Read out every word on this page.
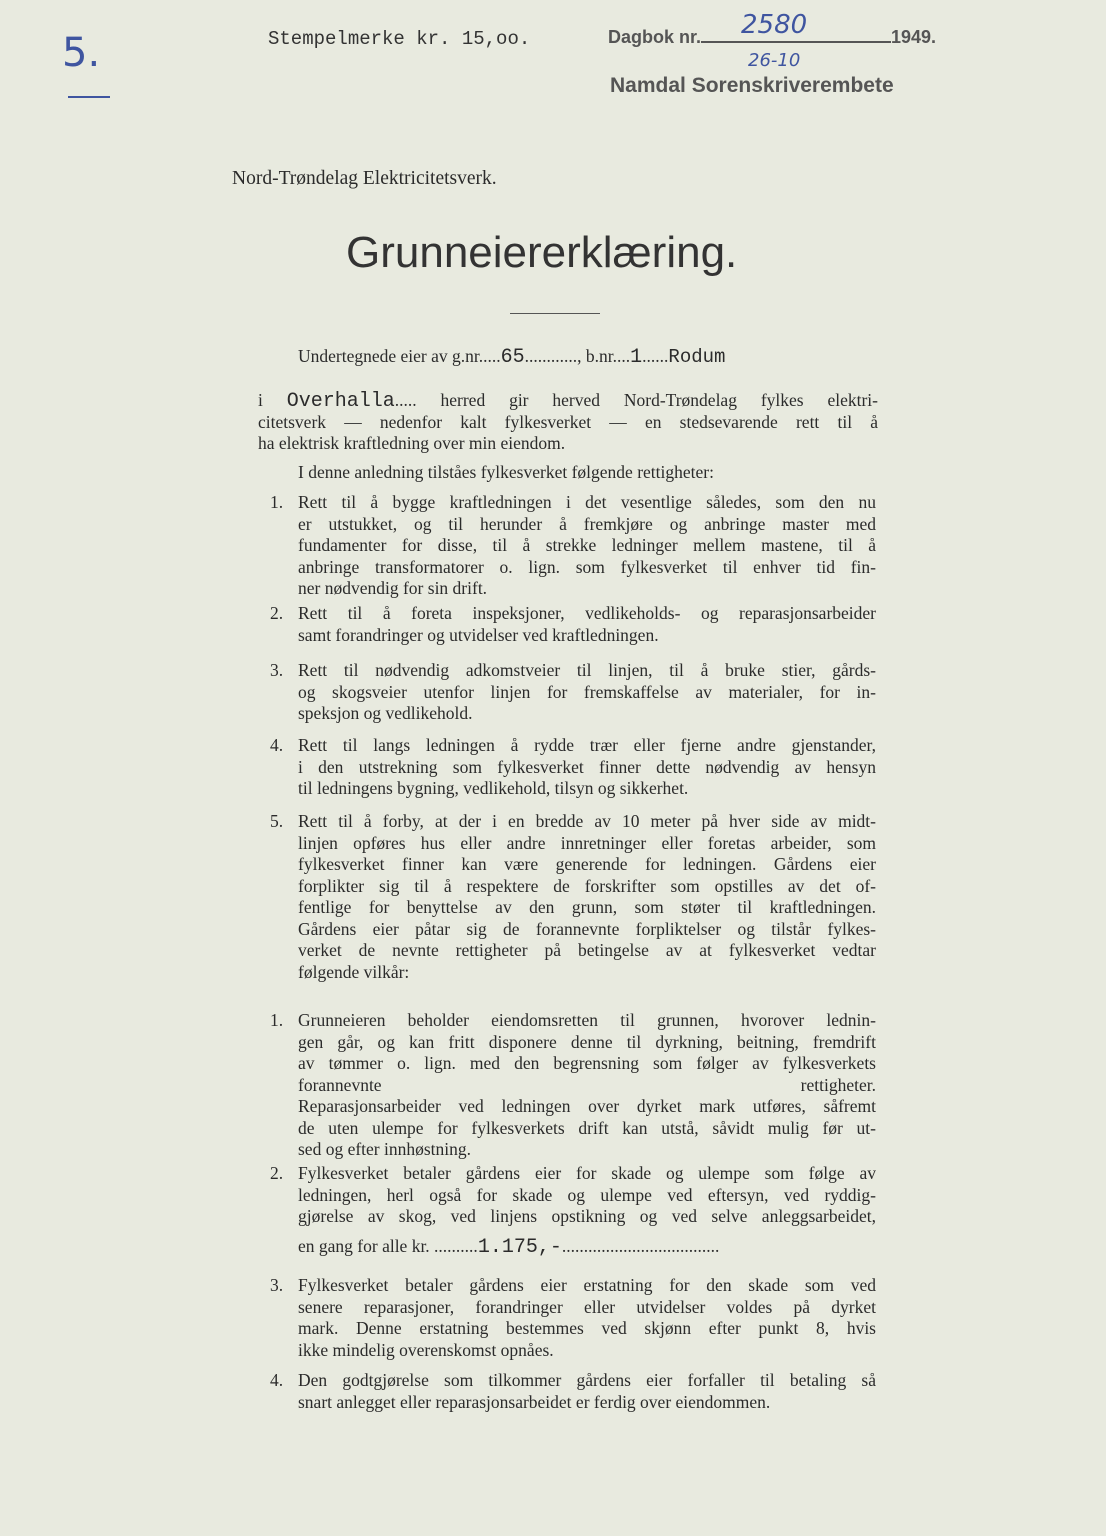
5.	Stempelmerke kr. 15,oo.	Dagbok nr. 2580	1949.
26-10
Namdal Sorenskriverembete
Nord-Trøndelag Elektricitetsverk.
Grunneiererklæring.
Undertegnede eier av g.nr.....65............, b.nr....1......Rodum
i Overhalla..... herred gir herved Nord-Trøndelag fylkes elektri-
citetsverk — nedenfor kalt fylkesverket — en stedsevarende rett til å
ha elektrisk kraftledning over min eiendom.
I denne anledning tilståes fylkesverket følgende rettigheter:
1. Rett til å bygge kraftledningen i det vesentlige således, som den nu
er utstukket, og til herunder å fremkjøre og anbringe master med
fundamenter for disse, til å strekke ledninger mellem mastene, til å
anbringe transformatorer o. lign. som fylkesverket til enhver tid fin-
ner nødvendig for sin drift.
2. Rett til å foreta inspeksjoner, vedlikeholds- og reparasjonsarbeider
samt forandringer og utvidelser ved kraftledningen.
3. Rett til nødvendig adkomstveier til linjen, til å bruke stier, gårds-
og skogsveier utenfor linjen for fremskaffelse av materialer, for in-
speksjon og vedlikehold.
4. Rett til langs ledningen å rydde trær eller fjerne andre gjenstander,
i den utstrekning som fylkesverket finner dette nødvendig av hensyn
til ledningens bygning, vedlikehold, tilsyn og sikkerhet.
5. Rett til å forby, at der i en bredde av 10 meter på hver side av midt-
linjen opføres hus eller andre innretninger eller foretas arbeider, som
fylkesverket finner kan være generende for ledningen. Gårdens eier
forplikter sig til å respektere de forskrifter som opstilles av det of-
fentlige for benyttelse av den grunn, som støter til kraftledningen.
Gårdens eier påtar sig de forannevnte forpliktelser og tilstår fylkes-
verket de nevnte rettigheter på betingelse av at fylkesverket vedtar
følgende vilkår:
1. Grunneieren beholder eiendomsretten til grunnen, hvorover lednin-
gen går, og kan fritt disponere denne til dyrkning, beitning, fremdrift
av tømmer o. lign. med den begrensning som følger av fylkesverkets
forannevnte rettigheter.
Reparasjonsarbeider ved ledningen over dyrket mark utføres, såfremt
de uten ulempe for fylkesverkets drift kan utstå, såvidt mulig før ut-
sed og efter innhøstning.
2. Fylkesverket betaler gårdens eier for skade og ulempe som følge av
ledningen, herl også for skade og ulempe ved eftersyn, ved ryddig-
gjørelse av skog, ved linjens opstikning og ved selve anleggsarbeidet,
en gang for alle kr. ..........1.175,-....................................
3. Fylkesverket betaler gårdens eier erstatning for den skade som ved
senere reparasjoner, forandringer eller utvidelser voldes på dyrket
mark. Denne erstatning bestemmes ved skjønn efter punkt 8, hvis
ikke mindelig overenskomst opnåes.
4. Den godtgjørelse som tilkommer gårdens eier forfaller til betaling så
snart anlegget eller reparasjonsarbeidet er ferdig over eiendommen.
